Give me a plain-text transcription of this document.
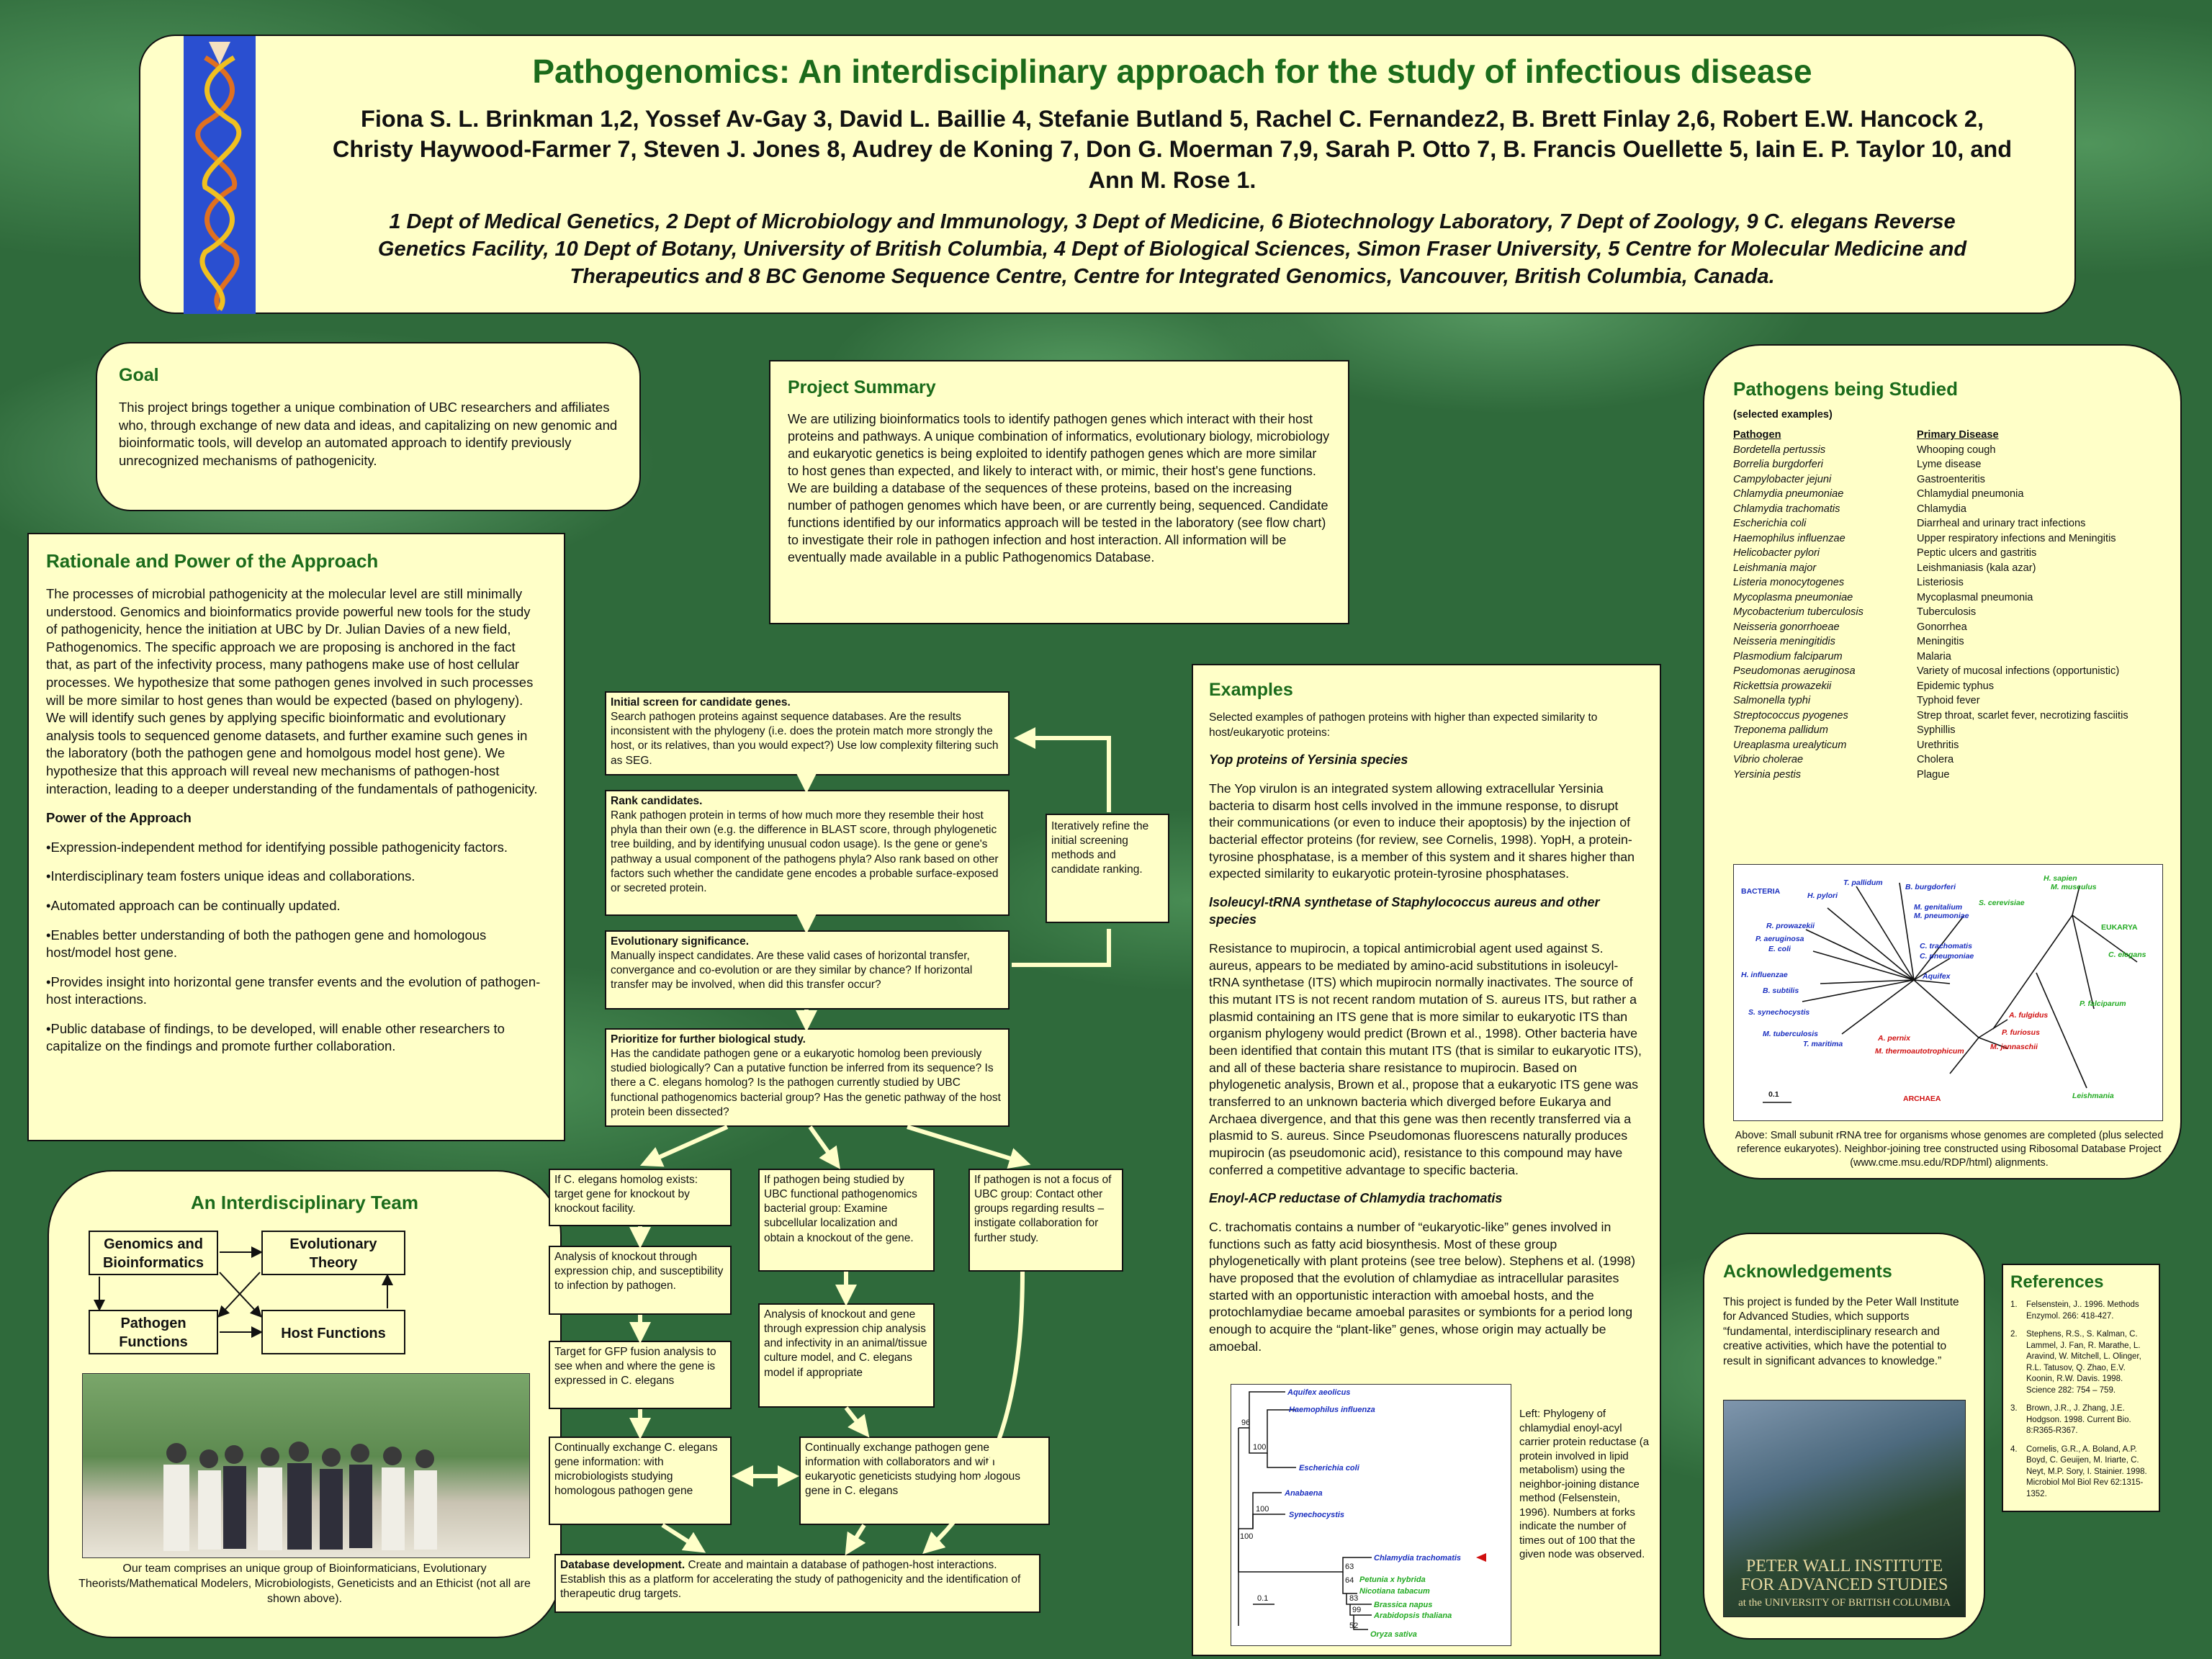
Pathogenomics: An interdisciplinary approach for the study of infectious disease
Fiona S. L. Brinkman 1,2, Yossef Av-Gay 3, David L. Baillie 4, Stefanie Butland 5, Rachel C. Fernandez2, B. Brett Finlay 2,6, Robert E.W. Hancock 2,
Christy Haywood-Farmer 7, Steven J. Jones 8, Audrey de Koning 7, Don G. Moerman 7,9, Sarah P. Otto 7, B. Francis Ouellette 5, Iain E. P. Taylor 10, and
Ann M. Rose 1.
1 Dept of Medical Genetics, 2 Dept of Microbiology and Immunology, 3 Dept of Medicine, 6 Biotechnology Laboratory, 7 Dept of Zoology, 9 C. elegans Reverse
Genetics Facility, 10 Dept of Botany, University of British Columbia, 4 Dept of Biological Sciences, Simon Fraser University, 5 Centre for Molecular Medicine and
Therapeutics and 8 BC Genome Sequence Centre, Centre for Integrated Genomics, Vancouver, British Columbia, Canada.
Goal

This project brings together a unique combination of UBC researchers and affiliates who, through exchange of new data and ideas, and capitalizing on new genomic and bioinformatic tools, will develop an automated approach to identify previously unrecognized mechanisms of pathogenicity.

Rationale and Power of the Approach

The processes of microbial pathogenicity at the molecular level are still minimally understood. Genomics and bioinformatics provide powerful new tools for the study of pathogenicity, hence the initiation at UBC by Dr. Julian Davies of a new field, Pathogenomics. The specific approach we are proposing is anchored in the fact that, as part of the infectivity process, many pathogens make use of host cellular processes. We hypothesize that some pathogen genes involved in such processes will be more similar to host genes than would be expected (based on phylogeny). We will identify such genes by applying specific bioinformatic and evolutionary analysis tools to sequenced genome datasets, and further examine such genes in the laboratory (both the pathogen gene and homolgous model host gene). We hypothesize that this approach will reveal new mechanisms of pathogen-host interaction, leading to a deeper understanding of the fundamentals of pathogenicity.

Power of the Approach

•Expression-independent method for identifying possible pathogenicity factors.

•Interdisciplinary team fosters unique ideas and collaborations.

•Automated approach can be continually updated.

•Enables better understanding of both the pathogen gene and homologous host/model host gene.

•Provides insight into horizontal gene transfer events and the evolution of pathogen-host interactions.

•Public database of findings, to be developed, will enable other researchers to capitalize on the findings and promote further collaboration.

An Interdisciplinary Team
Genomics and Bioinformatics
Evolutionary Theory
Pathogen Functions
Host Functions
Our team comprises an unique group of Bioinformaticians, Evolutionary Theorists/Mathematical Modelers, Microbiologists, Geneticists and an Ethicist (not all are shown above).
Project Summary

We are utilizing bioinformatics tools to identify pathogen genes which interact with their host proteins and pathways. A unique combination of informatics, evolutionary biology, microbiology and eukaryotic genetics is being exploited to identify pathogen genes which are more similar to host genes than expected, and likely to interact with, or mimic, their host's gene functions. We are building a database of the sequences of these proteins, based on the increasing number of pathogen genomes which have been, or are currently being, sequenced. Candidate functions identified by our informatics approach will be tested in the laboratory (see flow chart) to investigate their role in pathogen infection and host interaction. All information will be eventually made available in a public Pathogenomics Database.

Initial screen for candidate genes.
Search pathogen proteins against sequence databases. Are the results inconsistent with the phylogeny (i.e. does the protein match more strongly the host, or its relatives, than you would expect?) Use low complexity filtering such as SEG.
Rank candidates.
Rank pathogen protein in terms of how much more they resemble their host phyla than their own (e.g. the difference in BLAST score, through phylogenetic tree building, and by identifying unusual codon usage). Is the gene or gene's pathway a usual component of the pathogens phyla? Also rank based on other factors such whether the candidate gene encodes a probable surface-exposed or secreted protein.
Evolutionary significance.
Manually inspect candidates. Are these valid cases of horizontal transfer, convergance and co-evolution or are they similar by chance? If horizontal transfer may be involved, when did this transfer occur?
Prioritize for further biological study.
Has the candidate pathogen gene or a eukaryotic homolog been previously studied biologically? Can a putative function be inferred from its sequence? Is there a C. elegans homolog? Is the pathogen currently studied by UBC functional pathogenomics bacterial group? Has the genetic pathway of the host protein been dissected?
Iteratively refine the initial screening methods and candidate ranking.
If C. elegans homolog exists: target gene for knockout by knockout facility.
Analysis of knockout through expression chip, and susceptibility to infection by pathogen.
Target for GFP fusion analysis to see when and where the gene is expressed in C. elegans
Continually exchange C. elegans gene information: with microbiologists studying homologous pathogen gene
If pathogen being studied by UBC functional pathogenomics bacterial group: Examine subcellular localization and obtain a knockout of the gene.
Analysis of knockout and gene through expression chip analysis and infectivity in an animal/tissue culture model, and C. elegans model if appropriate
Continually exchange pathogen gene information with collaborators and with eukaryotic geneticists studying homologous gene in C. elegans
If pathogen is not a focus of UBC group: Contact other groups regarding results – instigate collaboration for further study.
Database development. Create and maintain a database of pathogen-host interactions. Establish this as a platform for accelerating the study of pathogenicity and the identification of therapeutic drug targets.
Examples

Selected examples of pathogen proteins with higher than expected similarity to host/eukaryotic proteins:

Yop proteins of Yersinia species

The Yop virulon is an integrated system allowing extracellular Yersinia bacteria to disarm host cells involved in the immune response, to disrupt their communications (or even to induce their apoptosis) by the injection of bacterial effector proteins (for review, see Cornelis, 1998). YopH, a protein-tyrosine phosphatase, is a member of this system and it shares higher than expected similarity to eukaryotic protein-tyrosine phosphatases.

Isoleucyl-tRNA synthetase of Staphylococcus aureus and other species

Resistance to mupirocin, a topical antimicrobial agent used against S. aureus, appears to be mediated by amino-acid substitutions in isoleucyl-tRNA synthetase (ITS) which mupirocin normally inactivates. The source of this mutant ITS is not recent random mutation of S. aureus ITS, but rather a plasmid containing an ITS gene that is more similar to eukaryotic ITS than organism phylogeny would predict (Brown et al., 1998). Other bacteria have been identified that contain this mutant ITS (that is similar to eukaryotic ITS), and all of these bacteria share resistance to mupirocin. Based on phylogenetic analysis, Brown et al., propose that a eukaryotic ITS gene was transferred to an unknown bacteria which diverged before Eukarya and Archaea divergence, and that this gene was then recently transferred via a plasmid to S. aureus. Since Pseudomonas fluorescens naturally produces mupirocin (as pseudomonic acid), resistance to this compound may have conferred a competitive advantage to specific bacteria.

Enoyl-ACP reductase of Chlamydia trachomatis

C. trachomatis contains a number of “eukaryotic-like” genes involved in functions such as fatty acid biosynthesis. Most of these group phylogenetically with plant proteins (see tree below). Stephens et al. (1998) have proposed that the evolution of chlamydiae as intracellular parasites started with an opportunistic interaction with amoebal hosts, and the protochlamydiae became amoebal parasites or symbionts for a period long enough to acquire the “plant-like” genes, whose origin may actually be amoebal.

Aquifex aeolicus
Haemophilus influenza
Escherichia coli
Anabaena
Synechocystis
Chlamydia trachomatis
Petunia x hybrida
Nicotiana tabacum
Brassica napus
Arabidopsis thaliana
Oryza sativa
96
100
100
100
63
64
83
99
52
0.1
Left: Phylogeny of chlamydial enoyl-acyl carrier protein reductase (a protein involved in lipid metabolism) using the neighbor-joining distance method (Felsenstein, 1996). Numbers at forks indicate the number of times out of 100 that the given node was observed.
Pathogens being Studied
(selected examples)
Pathogen	Primary Disease
Bordetella pertussis	Whooping cough
Borrelia burgdorferi	Lyme disease
Campylobacter jejuni	Gastroenteritis
Chlamydia pneumoniae	Chlamydial pneumonia
Chlamydia trachomatis	Chlamydia
Escherichia coli	Diarrheal and urinary tract infections
Haemophilus influenzae	Upper respiratory infections and Meningitis
Helicobacter pylori	Peptic ulcers and gastritis
Leishmania major	Leishmaniasis (kala azar)
Listeria monocytogenes	Listeriosis
Mycoplasma pneumoniae	Mycoplasmal pneumonia
Mycobacterium tuberculosis	Tuberculosis
Neisseria gonorrhoeae	Gonorrhea
Neisseria meningitidis	Meningitis
Plasmodium falciparum	Malaria
Pseudomonas aeruginosa	Variety of mucosal infections (opportunistic)
Rickettsia prowazekii	Epidemic typhus
Salmonella typhi	Typhoid fever
Streptococcus pyogenes	Strep throat, scarlet fever, necrotizing fasciitis
Treponema pallidum	Syphillis
Ureaplasma urealyticum	Urethritis
Vibrio cholerae	Cholera
Yersinia pestis	Plague
BACTERIA
T. pallidum	B. burgdorferi
H. pylori
R. prowazekii
P. aeruginosa
E. coli
H. influenzae
B. subtilis
S. synechocystis
M. tuberculosis
T. maritima
M. genitalium
M. pneumoniae
C. trachomatis
C. pneumoniae
Aquifex
H. sapien
M. musculus
S. cerevisiae
EUKARYA
C. elegans
P. falciparum
Leishmania
A. fulgidus
P. furiosus
M. jannaschii
A. pernix
M. thermoautotrophicum
ARCHAEA
0.1
Above: Small subunit rRNA tree for organisms whose genomes are completed (plus selected reference eukaryotes). Neighbor-joining tree constructed using Ribosomal Database Project (www.cme.msu.edu/RDP/html) alignments.
Acknowledgements

This project is funded by the Peter Wall Institute for Advanced Studies, which supports “fundamental, interdisciplinary research and creative activities, which have the potential to result in significant advances to knowledge.”

PETER WALL INSTITUTE
FOR ADVANCED STUDIES
at the UNIVERSITY OF BRITISH COLUMBIA
References
1.	Felsenstein, J.. 1996. Methods Enzymol. 266: 418-427.
2.	Stephens, R.S., S. Kalman, C. Lammel, J. Fan, R. Marathe, L. Aravind, W. Mitchell, L. Olinger, R.L. Tatusov, Q. Zhao, E.V. Koonin, R.W. Davis. 1998. Science 282: 754 – 759.
3.	Brown, J.R., J. Zhang, J.E. Hodgson. 1998. Current Bio. 8:R365-R367.
4.	Cornelis, G.R., A. Boland, A.P. Boyd, C. Geuijen, M. Iriarte, C. Neyt, M.P. Sory, I. Stainier. 1998. Microbiol Mol Biol Rev 62:1315-1352.
